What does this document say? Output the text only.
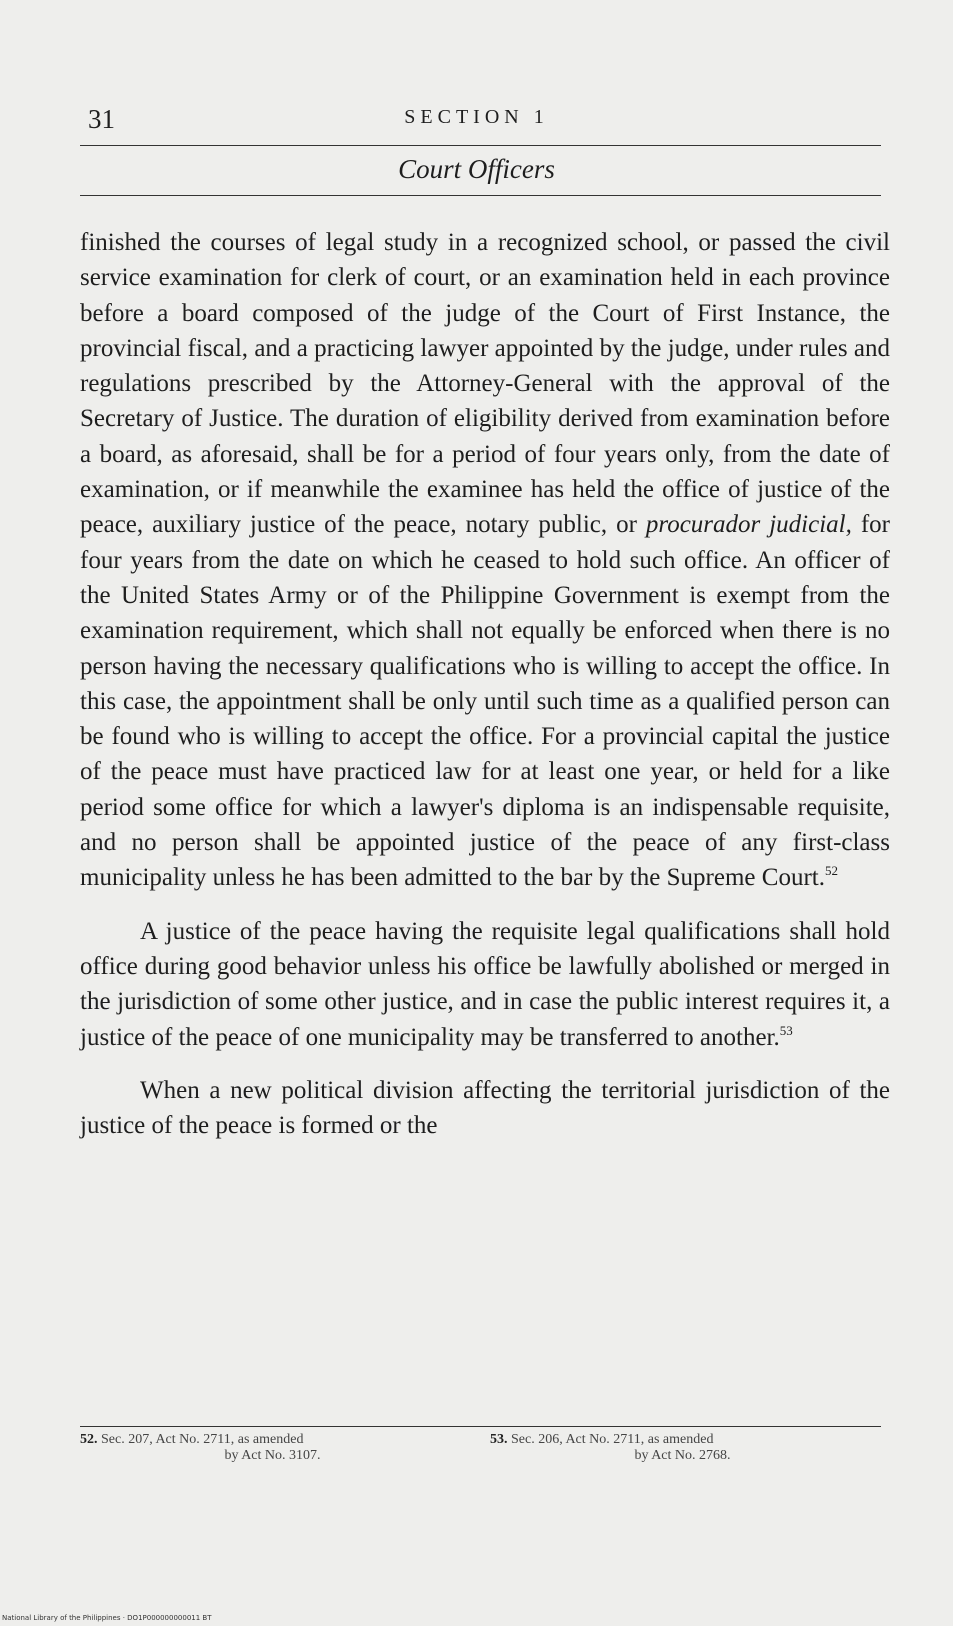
31	SECTION 1
Court Officers

finished the courses of legal study in a recognized school, or passed the civil service examination for clerk of court, or an examination held in each province before a board composed of the judge of the Court of First Instance, the provincial fiscal, and a practicing lawyer appointed by the judge, under rules and regulations prescribed by the Attorney-General with the approval of the Secretary of Justice. The duration of eligibility derived from examination before a board, as aforesaid, shall be for a period of four years only, from the date of examination, or if meanwhile the examinee has held the office of justice of the peace, auxiliary justice of the peace, notary public, or procurador judicial, for four years from the date on which he ceased to hold such office. An officer of the United States Army or of the Philippine Government is exempt from the examination requirement, which shall not equally be enforced when there is no person having the necessary qualifications who is willing to accept the office. In this case, the appointment shall be only until such time as a qualified person can be found who is willing to accept the office. For a provincial capital the justice of the peace must have practiced law for at least one year, or held for a like period some office for which a lawyer's diploma is an indispensable requisite, and no person shall be appointed justice of the peace of any first-class municipality unless he has been admitted to the bar by the Supreme Court.$^{52}$

A justice of the peace having the requisite legal qualifications shall hold office during good behavior unless his office be lawfully abolished or merged in the jurisdiction of some other justice, and in case the public interest requires it, a justice of the peace of one municipality may be transferred to another.$^{53}$

When a new political division affecting the territorial jurisdiction of the justice of the peace is formed or the

52. Sec. 207, Act No. 2711, as amended
by Act No. 3107.
53. Sec. 206, Act No. 2711, as amended
by Act No. 2768.
National Library of the Philippines · DO1P000000000011 BT
